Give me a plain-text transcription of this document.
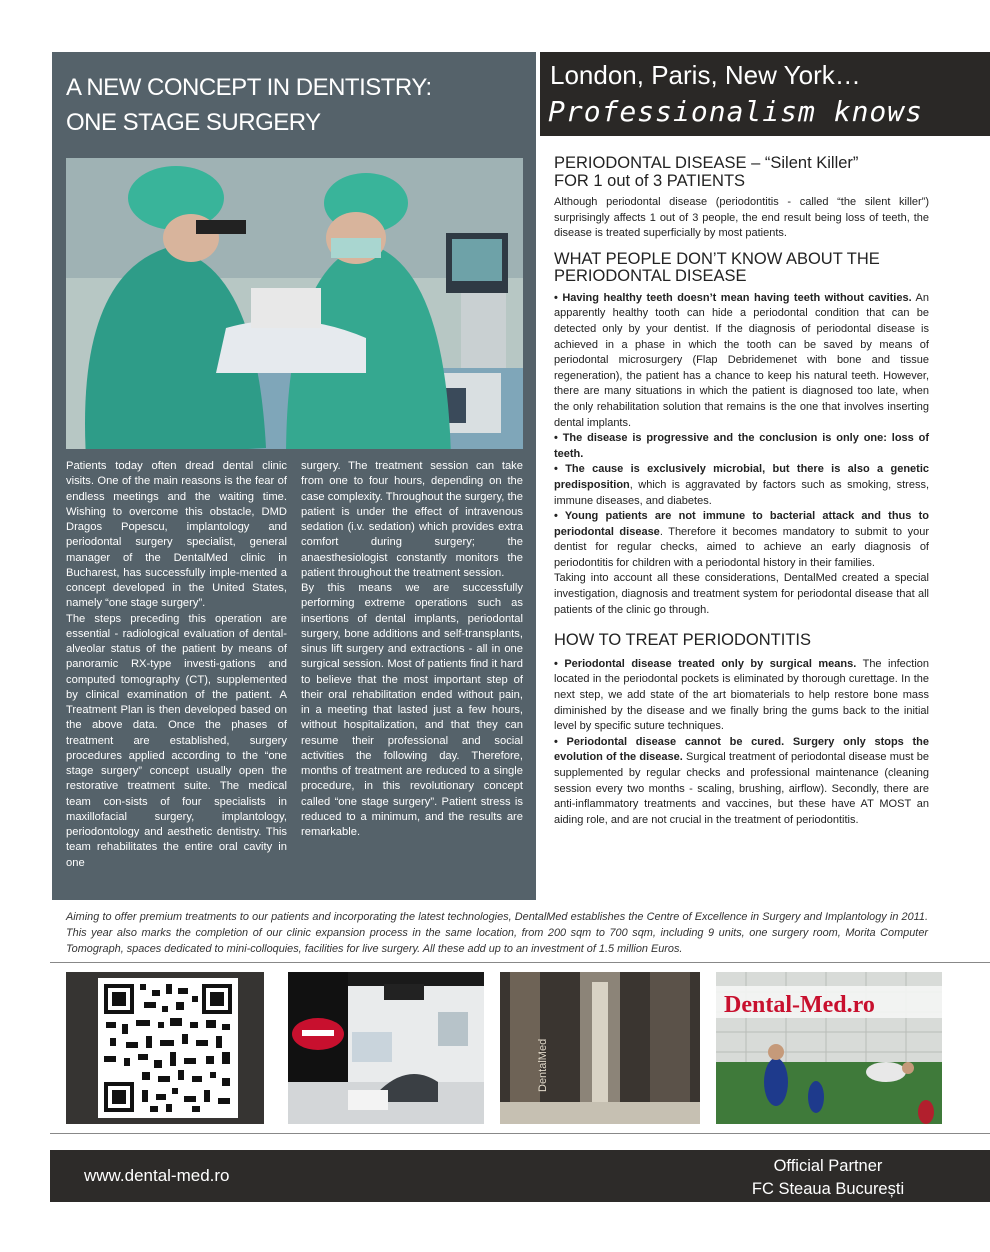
A NEW CONCEPT IN DENTISTRY:
ONE STAGE SURGERY

Patients today often dread dental clinic visits. One of the main reasons is the fear of endless meetings and the waiting time. Wishing to overcome this obstacle, DMD Dragos Popescu, implantology and periodontal surgery specialist, general manager of the DentalMed clinic in Bucharest, has successfully imple-mented a concept developed in the United States, namely “one stage surgery”.

The steps preceding this operation are essential - radiological evaluation of dental-alveolar status of the patient by means of panoramic RX-type investi-gations and computed tomography (CT), supplemented by clinical examination of the patient. A Treatment Plan is then developed based on the above data. Once the phases of treatment are established, surgery procedures applied according to the “one stage surgery” concept usually open the restorative treatment suite. The medical team con-sists of four specialists in maxillofacial surgery, implantology, periodontology and aesthetic dentistry. This team rehabilitates the entire oral cavity in one

surgery. The treatment session can take from one to four hours, depending on the case complexity. Throughout the surgery, the patient is under the effect of intravenous sedation (i.v. sedation) which provides extra comfort during surgery; the anaesthesiologist constantly monitors the patient throughout the treatment session.

By this means we are successfully performing extreme operations such as insertions of dental implants, periodontal surgery, bone additions and self-transplants, sinus lift surgery and extractions - all in one surgical session. Most of patients find it hard to believe that the most important step of their oral rehabilitation ended without pain, in a meeting that lasted just a few hours, without hospitalization, and that they can resume their professional and social activities the following day. Therefore, months of treatment are reduced to a single procedure, in this revolutionary concept called “one stage surgery”. Patient stress is reduced to a minimum, and the results are remarkable.

London, Paris, New York…
Professionalism knows
PERIODONTAL DISEASE – “Silent Killer”
FOR 1 out of 3 PATIENTS

Although periodontal disease (periodontitis - called “the silent killer”) surprisingly affects 1 out of 3 people, the end result being loss of teeth, the disease is treated superficially by most patients.

WHAT PEOPLE DON’T KNOW ABOUT THE
PERIODONTAL DISEASE

• Having healthy teeth doesn’t mean having teeth without cavities. An apparently healthy tooth can hide a periodontal condition that can be detected only by your dentist. If the diagnosis of periodontal disease is achieved in a phase in which the tooth can be saved by means of periodontal microsurgery (Flap Debridemenet with bone and tissue regeneration), the patient has a chance to keep his natural teeth. However, there are many situations in which the patient is diagnosed too late, when the only rehabilitation solution that remains is the one that involves inserting dental implants.

• The disease is progressive and the conclusion is only one: loss of teeth.

• The cause is exclusively microbial, but there is also a genetic predisposition, which is aggravated by factors such as smoking, stress, immune diseases, and diabetes.

• Young patients are not immune to bacterial attack and thus to periodontal disease. Therefore it becomes mandatory to submit to your dentist for regular checks, aimed to achieve an early diagnosis of periodontitis for children with a periodontal history in their families.

Taking into account all these considerations, DentalMed created a special investigation, diagnosis and treatment system for periodontal disease that all patients of the clinic go through.

HOW TO TREAT PERIODONTITIS

• Periodontal disease treated only by surgical means. The infection located in the periodontal pockets is eliminated by thorough curettage. In the next step, we add state of the art biomaterials to help restore bone mass diminished by the disease and we finally bring the gums back to the initial level by specific suture techniques.

• Periodontal disease cannot be cured. Surgery only stops the evolution of the disease. Surgical treatment of periodontal disease must be supplemented by regular checks and professional maintenance (cleaning session every two months - scaling, brushing, airflow). Secondly, there are anti-inflammatory treatments and vaccines, but these have AT MOST an aiding role, and are not crucial in the treatment of periodontitis.

Aiming to offer premium treatments to our patients and incorporating the latest technologies, DentalMed establishes the Centre of Excellence in Surgery and Implantology in 2011. This year also marks the completion of our clinic expansion process in the same location, from 200 sqm to 700 sqm, including 9 units, one surgery room, Morita Computer Tomograph, spaces dedicated to mini-colloquies, facilities for live surgery. All these add up to an investment of 1.5 million Euros.
DentalMed
Dental-Med.ro
www.dental-med.ro	Official Partner
FC Steaua București
